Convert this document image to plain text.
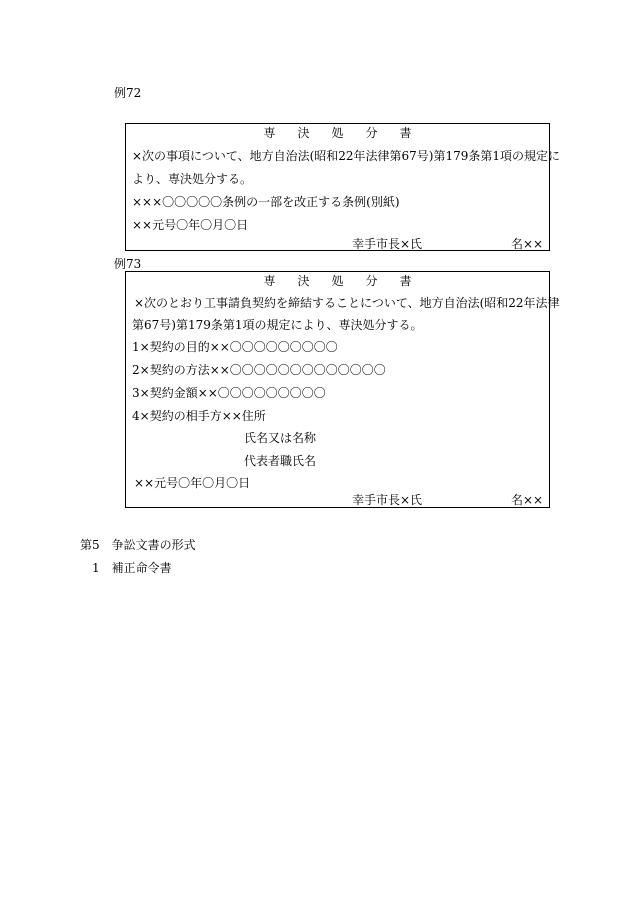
例72
専決処分書
×次の事項について、地方自治法(昭和22年法律第67号)第179条第1項の規定に
より、専決処分する。
×××〇〇〇〇〇条例の一部を改正する条例(別紙)
××元号〇年〇月〇日
幸手市長×氏	名××
例73
専決処分書
×次のとおり工事請負契約を締結することについて、地方自治法(昭和22年法律
第67号)第179条第1項の規定により、専決処分する。
1×契約の目的××〇〇〇〇〇〇〇〇〇
2×契約の方法××〇〇〇〇〇〇〇〇〇〇〇〇〇
3×契約金額××〇〇〇〇〇〇〇〇〇
4×契約の相手方××住所
氏名又は名称
代表者職氏名
××元号〇年〇月〇日
幸手市長×氏	名××
第5　争訟文書の形式
1　補正命令書
